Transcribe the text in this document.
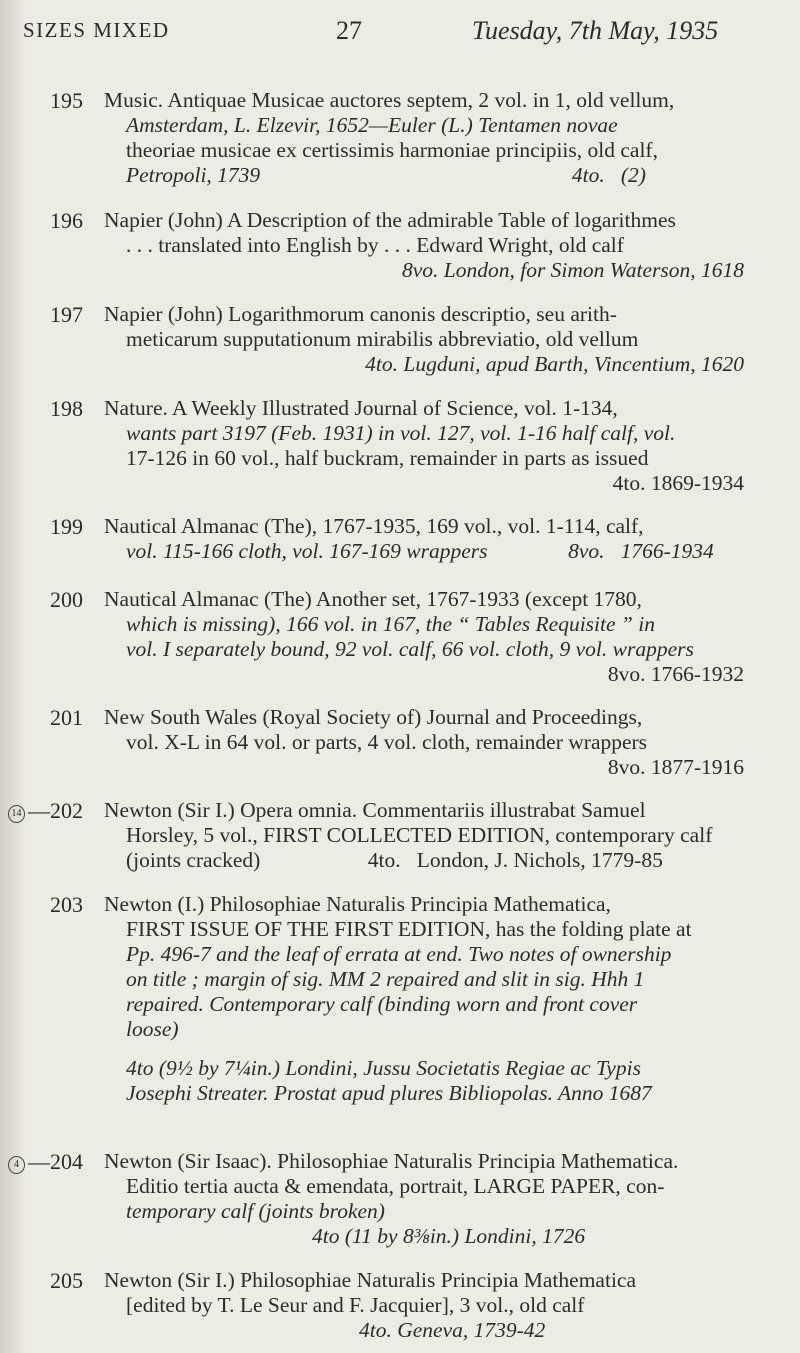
SIZES MIXED	27	Tuesday, 7th May, 1935
195 Music. Antiquae Musicae auctores septem, 2 vol. in 1, old vellum,
Amsterdam, L. Elzevir, 1652—Euler (L.) Tentamen novae
theoriae musicae ex certissimis harmoniae principiis, old calf,
Petropoli, 1739                                                          4to.   (2)
196 Napier (John) A Description of the admirable Table of logarithmes
. . . translated into English by . . . Edward Wright, old calf
8vo. London, for Simon Waterson, 1618
197 Napier (John) Logarithmorum canonis descriptio, seu arith-
meticarum supputationum mirabilis abbreviatio, old vellum
4to. Lugduni, apud Barth, Vincentium, 1620
198 Nature. A Weekly Illustrated Journal of Science, vol. 1-134,
wants part 3197 (Feb. 1931) in vol. 127, vol. 1-16 half calf, vol.
17-126 in 60 vol., half buckram, remainder in parts as issued
4to. 1869-1934
199 Nautical Almanac (The), 1767-1935, 169 vol., vol. 1-114, calf,
vol. 115-166 cloth, vol. 167-169 wrappers               8vo.   1766-1934
200 Nautical Almanac (The) Another set, 1767-1933 (except 1780,
which is missing), 166 vol. in 167, the “ Tables Requisite ” in
vol. I separately bound, 92 vol. calf, 66 vol. cloth, 9 vol. wrappers
8vo. 1766-1932
201 New South Wales (Royal Society of) Journal and Proceedings,
vol. X-L in 64 vol. or parts, 4 vol. cloth, remainder wrappers
8vo. 1877-1916
14 —202 Newton (Sir I.) Opera omnia. Commentariis illustrabat Samuel
Horsley, 5 vol., FIRST COLLECTED EDITION, contemporary calf
(joints cracked)                    4to.   London, J. Nichols, 1779-85
203 Newton (I.) Philosophiae Naturalis Principia Mathematica,
FIRST ISSUE OF THE FIRST EDITION, has the folding plate at
Pp. 496-7 and the leaf of errata at end. Two notes of ownership
on title ; margin of sig. MM 2 repaired and slit in sig. Hhh 1
repaired. Contemporary calf (binding worn and front cover
loose)
4to (9½ by 7¼in.) Londini, Jussu Societatis Regiae ac Typis
Josephi Streater. Prostat apud plures Bibliopolas. Anno 1687
4 —204 Newton (Sir Isaac). Philosophiae Naturalis Principia Mathematica.
Editio tertia aucta & emendata, portrait, LARGE PAPER, con-
temporary calf (joints broken)
4to (11 by 8⅜in.) Londini, 1726
205 Newton (Sir I.) Philosophiae Naturalis Principia Mathematica
[edited by T. Le Seur and F. Jacquier], 3 vol., old calf
4to. Geneva, 1739-42
